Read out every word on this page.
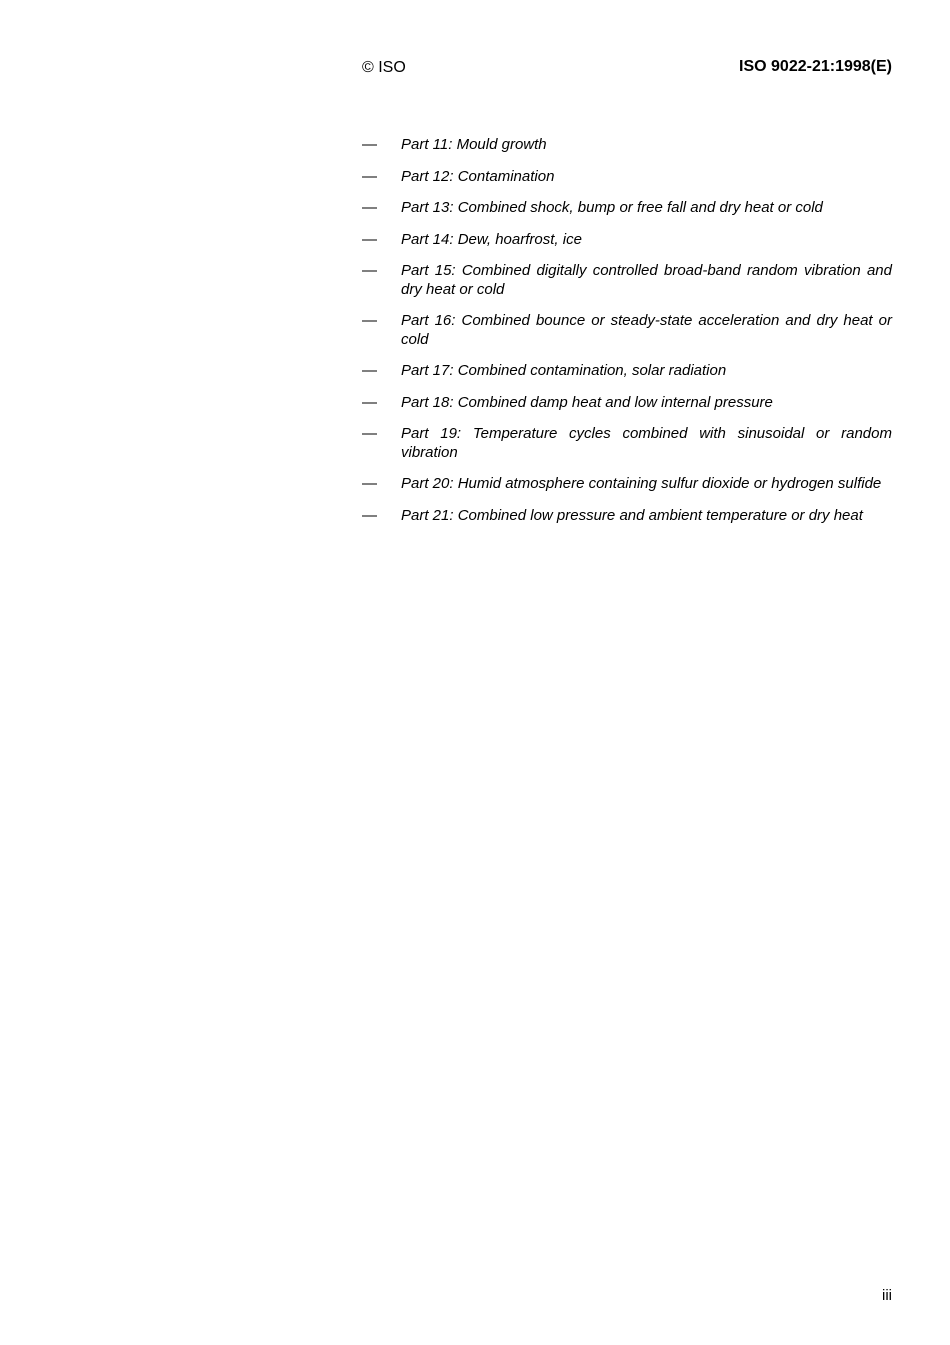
© ISO	ISO 9022-21:1998(E)
— Part 11: Mould growth
— Part 12: Contamination
— Part 13: Combined shock, bump or free fall and dry heat or cold
— Part 14: Dew, hoarfrost, ice
— Part 15: Combined digitally controlled broad-band random vibration and dry heat or cold
— Part 16: Combined bounce or steady-state acceleration and dry heat or cold
— Part 17: Combined contamination, solar radiation
— Part 18: Combined damp heat and low internal pressure
— Part 19: Temperature cycles combined with sinusoidal or random vibration
— Part 20: Humid atmosphere containing sulfur dioxide or hydrogen sulfide
— Part 21: Combined low pressure and ambient temperature or dry heat
iii
